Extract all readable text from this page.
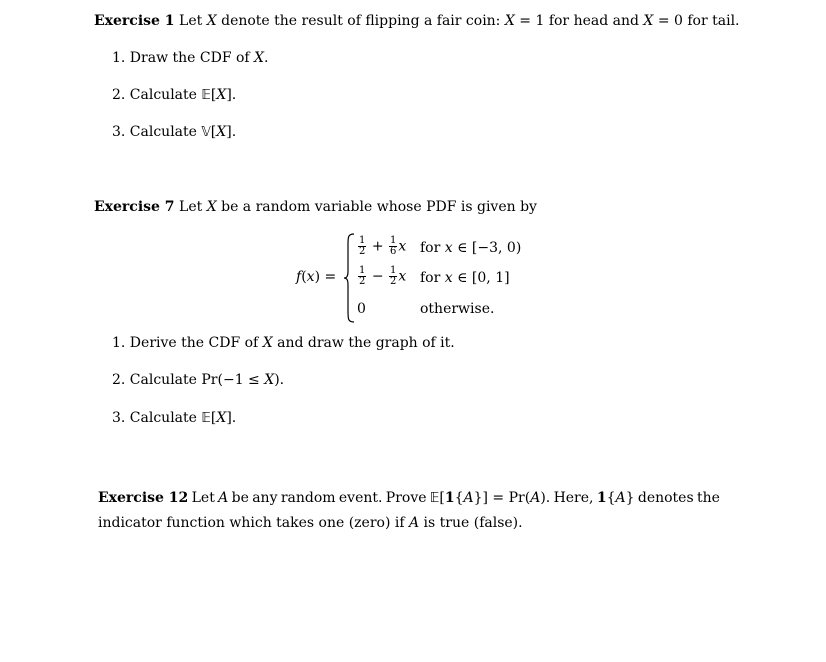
Exercise 1 Let X denote the result of flipping a fair coin: X = 1 for head and X = 0 for tail.
1. Draw the CDF of X.
2. Calculate 𝔼[X].
3. Calculate 𝕍[X].
Exercise 7 Let X be a random variable whose PDF is given by
f(x) =
$\frac{1}{2} + \frac{1}{6}$ x for x ∈ [−3, 0)
$\frac{1}{2} - \frac{1}{2}$ x for x ∈ [0, 1]
0	otherwise.
1. Derive the CDF of X and draw the graph of it.
2. Calculate Pr(−1 ≤ X).
3. Calculate 𝔼[X].
Exercise 12 Let A be any random event. Prove 𝔼[1{A}] = Pr(A). Here, 1{A} denotes the
indicator function which takes one (zero) if A is true (false).
